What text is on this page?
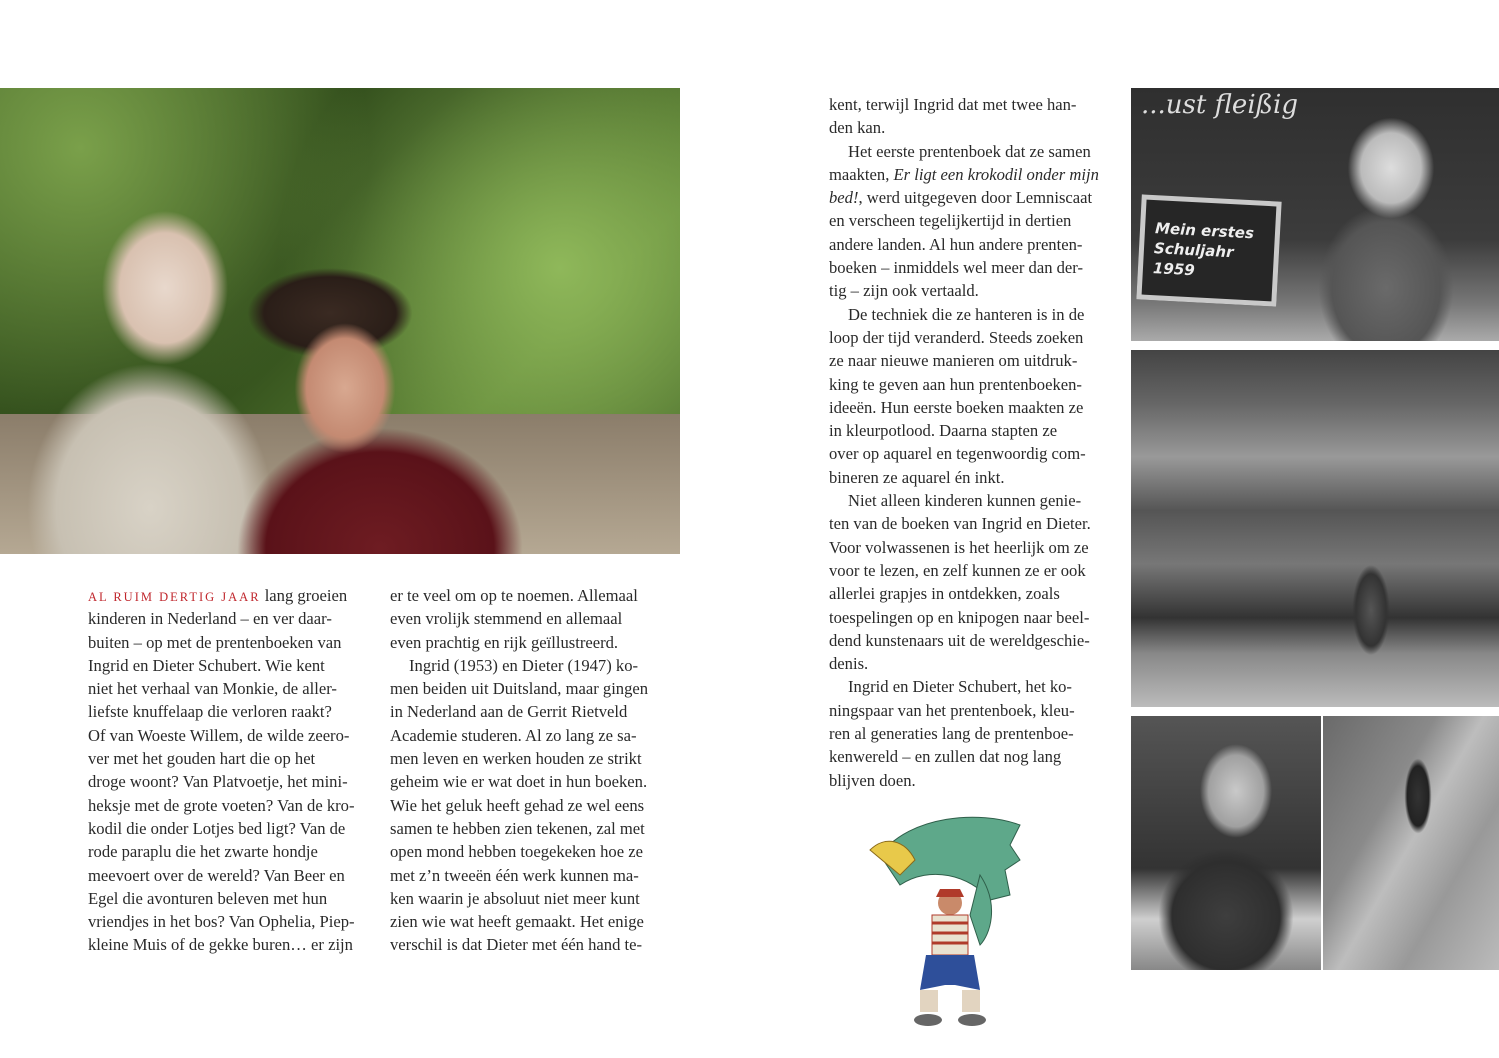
...ust fleißig
Mein erstes
Schuljahr 1959
AL RUIM DERTIG JAAR lang groeien
kinderen in Nederland – en ver daar-
buiten – op met de prentenboeken van
Ingrid en Dieter Schubert. Wie kent
niet het verhaal van Monkie, de aller-
liefste knuffelaap die verloren raakt?
Of van Woeste Willem, de wilde zeero-
ver met het gouden hart die op het
droge woont? Van Platvoetje, het mini-
heksje met de grote voeten? Van de kro-
kodil die onder Lotjes bed ligt? Van de
rode paraplu die het zwarte hondje
meevoert over de wereld? Van Beer en
Egel die avonturen beleven met hun
vriendjes in het bos? Van Ophelia, Piep-
kleine Muis of de gekke buren… er zijn
er te veel om op te noemen. Allemaal
even vrolijk stemmend en allemaal
even prachtig en rijk geïllustreerd.
Ingrid (1953) en Dieter (1947) ko-
men beiden uit Duitsland, maar gingen
in Nederland aan de Gerrit Rietveld
Academie studeren. Al zo lang ze sa-
men leven en werken houden ze strikt
geheim wie er wat doet in hun boeken.
Wie het geluk heeft gehad ze wel eens
samen te hebben zien tekenen, zal met
open mond hebben toegekeken hoe ze
met z’n tweeën één werk kunnen ma-
ken waarin je absoluut niet meer kunt
zien wie wat heeft gemaakt. Het enige
verschil is dat Dieter met één hand te-
kent, terwijl Ingrid dat met twee han-
den kan.
Het eerste prentenboek dat ze samen
maakten, Er ligt een krokodil onder mijn
bed!, werd uitgegeven door Lemniscaat
en verscheen tegelijkertijd in dertien
andere landen. Al hun andere prenten-
boeken – inmiddels wel meer dan der-
tig – zijn ook vertaald.
De techniek die ze hanteren is in de
loop der tijd veranderd. Steeds zoeken
ze naar nieuwe manieren om uitdruk-
king te geven aan hun prentenboeken-
ideeën. Hun eerste boeken maakten ze
in kleurpotlood. Daarna stapten ze
over op aquarel en tegenwoordig com-
bineren ze aquarel én inkt.
Niet alleen kinderen kunnen genie-
ten van de boeken van Ingrid en Dieter.
Voor volwassenen is het heerlijk om ze
voor te lezen, en zelf kunnen ze er ook
allerlei grapjes in ontdekken, zoals
toespelingen op en knipogen naar beel-
dend kunstenaars uit de wereldgeschie-
denis.
Ingrid en Dieter Schubert, het ko-
ningspaar van het prentenboek, kleu-
ren al generaties lang de prentenboe-
kenwereld – en zullen dat nog lang
blijven doen.
